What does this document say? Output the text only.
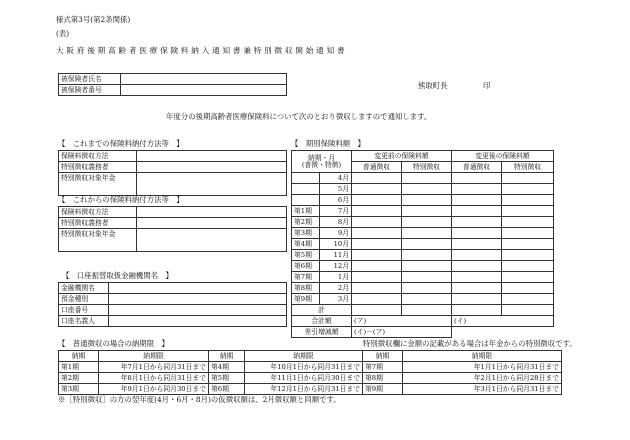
様式第3号(第2条関係)
(表)
大 阪 府 後 期 高 齢 者 医 療 保 険 料 納 入 通 知 書 兼 特 別 徴 収 開 始 通 知 書
被保険者氏名	
被保険者番号		熊取町長	印
年度分の後期高齢者医療保険料について次のとおり徴収しますので通知します。
【　これまでの保険料納付方法等　】
保険料徴収方法	
特別徴収義務者	
特別徴収対象年金	
【　これからの保険料納付方法等　】
保険料徴収方法	
特別徴収義務者	
特別徴収対象年金	
【　口座振替取扱金融機関名　】
金融機関名	
預金種別	
口座番号	
口座名義人	
【　期別保険料額　】
納期・月
(普徴・特徴)		変更前の保険料額		変更後の保険料額	
		普通徴収	特別徴収	普通徴収	特別徴収
	4月				
	5月				
	6月				
第1期	7月				
第2期	8月				
第3期	9月				
第4期	10月				
第5期	11月				
第6期	12月				
第7期	1月				
第8期	2月				
第9期	3月				
計					
合計額		(ア)		(イ)	
差引増減額		(イ)－(ア)			
【　普通徴収の場合の納期限　】	特別徴収欄に金額の記載がある場合は年金からの特別徴収です。
納期	納期限	納期	納期限	納期	納期限
第1期	年7月1日から同月31日まで	第4期	年10月1日から同月31日まで	第7期	年1月1日から同月31日まで
第2期	年8月1日から同月31日まで	第5期	年11月1日から同月30日まで	第8期	年2月1日から同月28日まで
第3期	年9月1日から同月30日まで	第6期	年12月1日から同月31日まで	第9期	年3月1日から同月31日まで
※［特別徴収］の方の翌年度(4月・6月・8月)の仮徴収額は、2月徴収額と同額です。
